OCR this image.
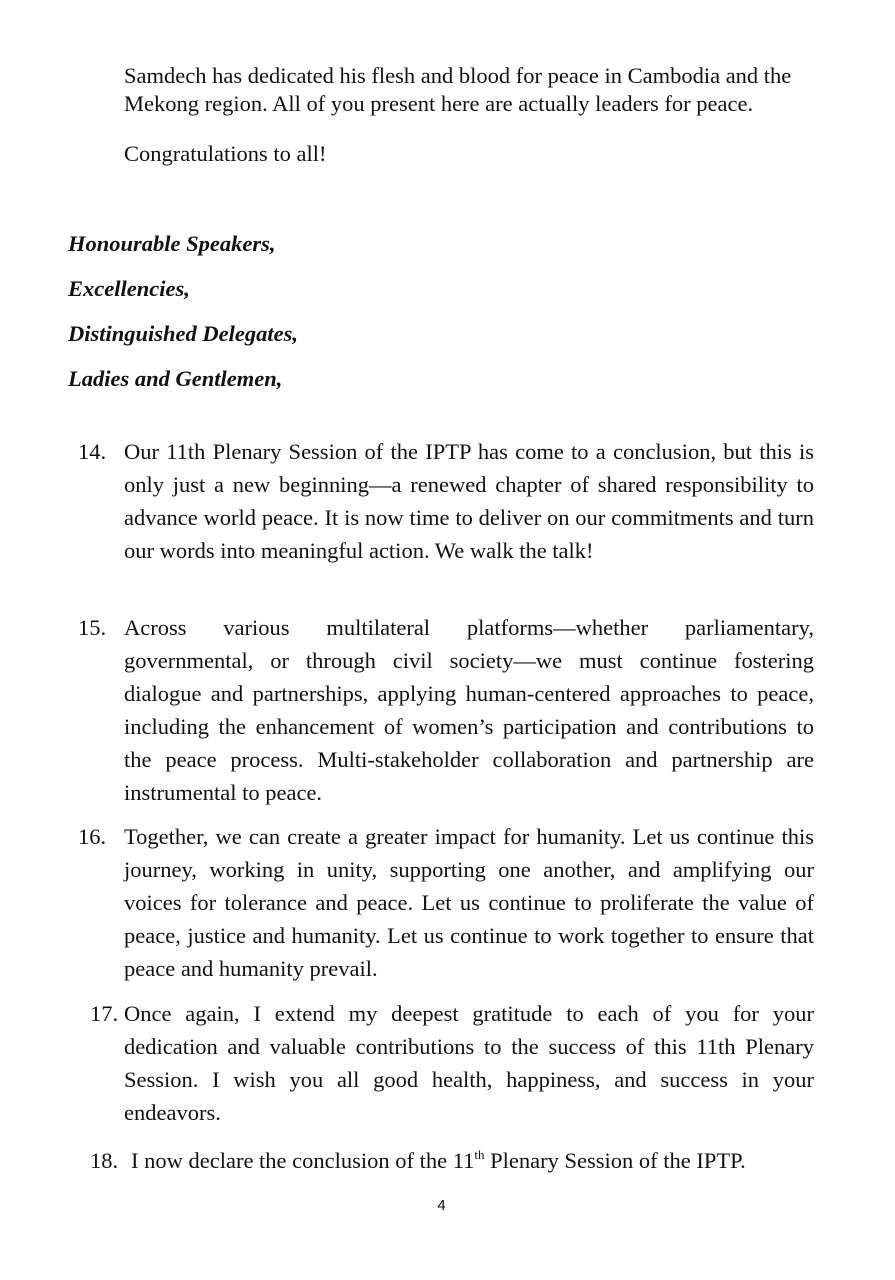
Samdech has dedicated his flesh and blood for peace in Cambodia and the Mekong region. All of you present here are actually leaders for peace.

Congratulations to all!

Honourable Speakers,
Excellencies,
Distinguished Delegates,
Ladies and Gentlemen,
14. Our 11th Plenary Session of the IPTP has come to a conclusion, but this is only just a new beginning—a renewed chapter of shared responsibility to advance world peace. It is now time to deliver on our commitments and turn our words into meaningful action. We walk the talk!
15. Across various multilateral platforms—whether parliamentary, governmental, or through civil society—we must continue fostering dialogue and partnerships, applying human-centered approaches to peace, including the enhancement of women’s participation and contributions to the peace process. Multi-stakeholder collaboration and partnership are instrumental to peace.
16. Together, we can create a greater impact for humanity. Let us continue this journey, working in unity, supporting one another, and amplifying our voices for tolerance and peace. Let us continue to proliferate the value of peace, justice and humanity. Let us continue to work together to ensure that peace and humanity prevail.
17. Once again, I extend my deepest gratitude to each of you for your dedication and valuable contributions to the success of this 11th Plenary Session. I wish you all good health, happiness, and success in your endeavors.
18. I now declare the conclusion of the 11th Plenary Session of the IPTP.
4
